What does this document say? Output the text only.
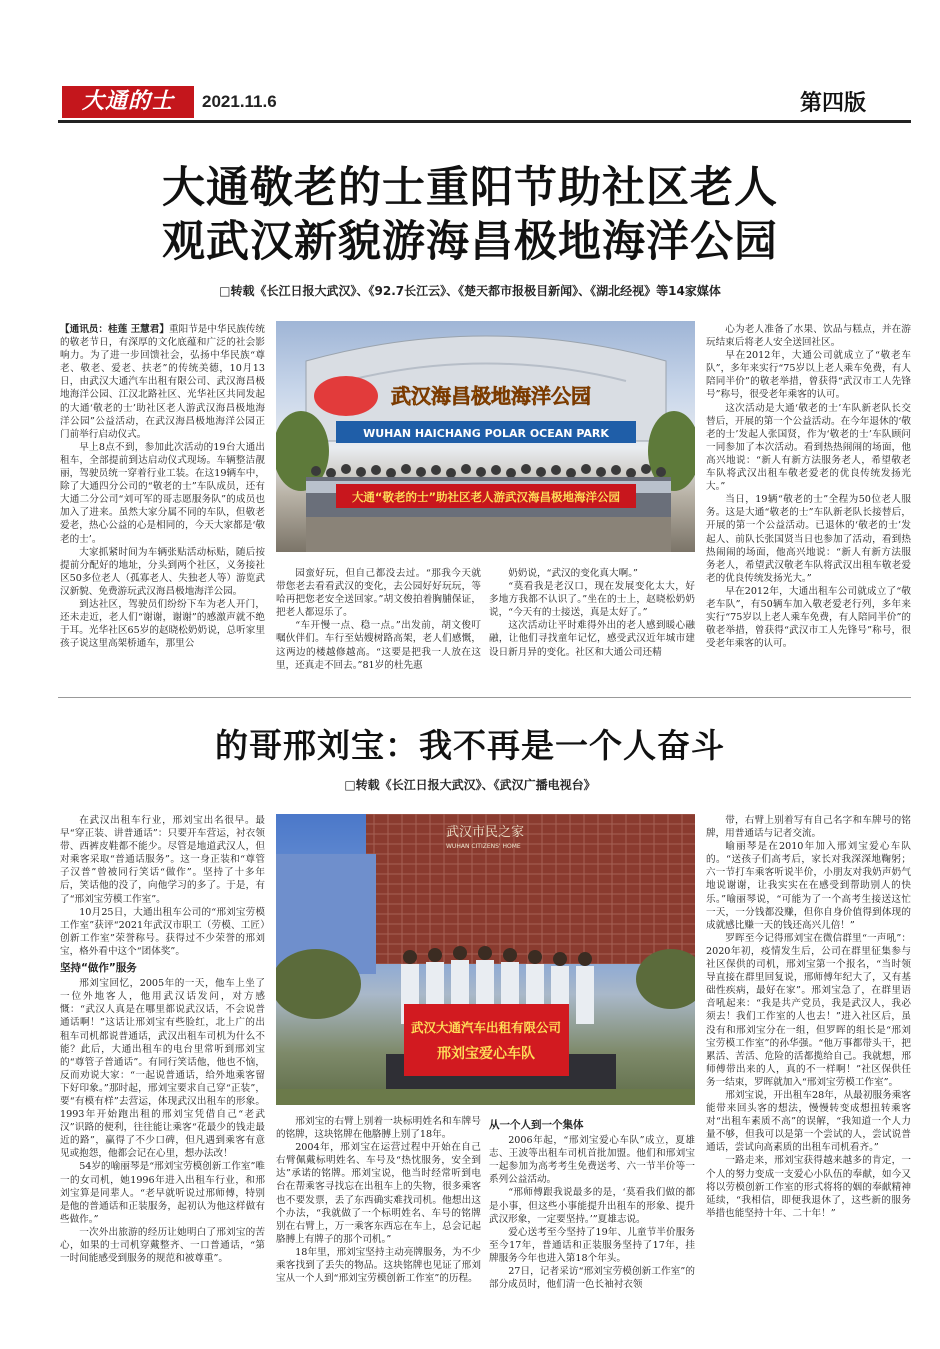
大通的士	2021.11.6	第四版
大通敬老的士重阳节助社区老人
观武汉新貌游海昌极地海洋公园
□转载《长江日报大武汉》、《92.7长江云》、《楚天都市报极目新闻》、《湖北经视》等14家媒体

【通讯员：桂莲 王慧君】重阳节是中华民族传统的敬老节日，有深厚的文化底蕴和广泛的社会影响力。为了进一步回馈社会，弘扬中华民族“尊老、敬老、爱老、扶老”的传统美德，10月13日，由武汉大通汽车出租有限公司、武汉海昌极地海洋公园、江汉北路社区、光华社区共同发起的大通‘敬老的士’助社区老人游武汉海昌极地海洋公园”公益活动，在武汉海昌极地海洋公园正门前举行启动仪式。

早上8点不到，参加此次活动的19台大通出租车，全部提前到达启动仪式现场。车辆整洁靓丽，驾驶员统一穿着行业工装。在这19辆车中，除了大通四分公司的“敬老的士”车队成员，还有大通二分公司“刘可军的哥志愿服务队”的成员也加入了进来。虽然大家分属不同的车队，但敬老爱老，热心公益的心是相同的，今天大家都是‘敬老的士’。

大家抓紧时间为车辆张贴活动标贴，随后按提前分配好的地址，分头到两个社区，义务接社区50多位老人（孤寡老人、失独老人等）游览武汉新貌、免费游玩武汉海昌极地海洋公园。

到达社区，驾驶员们纷纷下车为老人开门，还未走近，老人们“谢谢，谢谢”的感激声就不绝于耳。光华社区65岁的赵晓松奶奶说，总听家里孩子说这里高架桥通车，那里公

WUHAN HAICHANG POLAR OCEAN PARK
武汉海昌极地海洋公园
大通“敬老的士”助社区老人游武汉海昌极地海洋公园

园蛮好玩，但自己都没去过。“那我今天就带您老去看看武汉的变化，去公园好好玩玩，等哈再把您老安全送回家。”胡文俊拍着胸脯保证，把老人都逗乐了。

“车开慢一点、稳一点。”出发前，胡文俊叮嘱伙伴们。车行至姑嫂树路高架，老人们感慨，这两边的楼越修越高。“这要是把我一人放在这里，还真走不回去。”81岁的杜先惠

奶奶说，“武汉的变化真大啊。”

“莫看我是老汉口，现在发展变化太大，好多地方我都不认识了。”坐在的士上，赵晓松奶奶说，“今天有的士接送，真是太好了。”

这次活动让平时难得外出的老人感到暖心融融，让他们寻找童年记忆，感受武汉近年城市建设日新月异的变化。社区和大通公司还精

心为老人准备了水果、饮品与糕点，并在游玩结束后将老人安全送回社区。

早在2012年，大通公司就成立了“敬老车队”，多年来实行“75岁以上老人乘车免费，有人陪同半价”的敬老举措，曾获得“武汉市工人先锋号”称号，很受老年乘客的认可。

这次活动是大通‘敬老的士’车队新老队长交替后，开展的第一个公益活动。在今年退休的‘敬老的士’发起人张国贤，作为‘敬老的士’车队顾问一同参加了本次活动。看到热热闹闹的场面，他高兴地说：“新人有新方法服务老人，希望敬老车队将武汉出租车敬老爱老的优良传统发扬光大。”

当日，19辆“敬老的士”全程为50位老人服务。这是大通“敬老的士”车队新老队长接替后，开展的第一个公益活动。已退休的‘敬老的士’发起人、前队长张国贤当日也参加了活动，看到热热闹闹的场面，他高兴地说：“新人有新方法服务老人，希望武汉敬老车队将武汉出租车敬老爱老的优良传统发扬光大。”

早在2012年，大通出租车公司就成立了“敬老车队”，有50辆车加入敬老爱老行列，多年来实行“75岁以上老人乘车免费，有人陪同半价”的敬老举措，曾获得“武汉市工人先锋号”称号，很受老年乘客的认可。

的哥邢刘宝：我不再是一个人奋斗
□转载《长江日报大武汉》、《武汉广播电视台》

在武汉出租车行业，邢刘宝出名很早。最早“穿正装、讲普通话”：只要开车营运，衬衣领带、西裤皮鞋都不能少。尽管是地道武汉人，但对乘客采取“普通话服务”。这一身正装和“尊管子汉普”曾被同行笑话“做作”。坚持了十多年后，笑话他的没了，向他学习的多了。于是，有了“邢刘宝劳模工作室”。

10月25日，大通出租车公司的“邢刘宝劳模工作室”获评“2021年武汉市职工（劳模、工匠）创新工作室”荣誉称号。获得过不少荣誉的邢刘宝，格外看中这个“团体奖”。

坚持“做作”服务

邢刘宝回忆，2005年的一天，他车上坐了一位外地客人，他用武汉话发问，对方感慨：“武汉人真是在哪里都说武汉话，不会说普通话啊！”这话让邢刘宝有些脸红，北上广的出租车司机都说普通话，武汉出租车司机为什么不能？此后，大通出租车的电台里常听到邢刘宝的“尊管子普通话”。有同行笑话他，他也不恼，反而劝说大家：“一起说普通话，给外地乘客留下好印象。”那时起，邢刘宝要求自己穿“正装”，要“有模有样”去营运，体现武汉出租车的形象。1993年开始跑出租的邢刘宝凭借自己“老武汉”识路的便利，往往能让乘客“花最少的钱走最近的路”，赢得了不少口碑，但凡遇到乘客有意见或抱怨，他都会记在心里，想办法改！

54岁的喻丽琴是“邢刘宝劳模创新工作室”唯一的女司机，她1996年进入出租车行业，和邢刘宝算是同辈人。“老早就听说过邢师傅，特别是他的普通话和正装服务，起初认为他这样做有些做作。”

一次外出旅游的经历让她明白了邢刘宝的苦心，如果的士司机穿戴整齐、一口普通话，“第一时间能感受到服务的规范和被尊重”。

武汉市民之家
WUHAN CITIZENS' HOME
武汉大通汽车出租有限公司
邢刘宝爱心车队

邢刘宝的右臂上别着一块标明姓名和车牌号的铭牌，这块铭牌在他胳膊上别了18年。

2004年，邢刘宝在运营过程中开始在自己右臂佩戴标明姓名、车号及“热忱服务，安全到达”承诺的铭牌。邢刘宝说，他当时经常听到电台在帮乘客寻找忘在出租车上的失物，很多乘客也不要发票，丢了东西确实难找司机。他想出这个办法，“我就做了一个标明姓名、车号的铭牌别在右臂上，万一乘客东西忘在车上，总会记起胳膊上有牌子的那个司机。”

18年里，邢刘宝坚持主动亮牌服务，为不少乘客找到了丢失的物品。这块铭牌也见证了邢刘宝从一个人到“邢刘宝劳模创新工作室”的历程。

从一个人到一个集体

2006年起，“邢刘宝爱心车队”成立，夏雄志、王波等出租车司机首批加盟。他们和邢刘宝一起参加为高考考生免费送考、六一节半价等一系列公益活动。

“邢师傅跟我说最多的是，‘莫看我们做的都是小事，但这些小事能提升出租车的形象、提升武汉形象，一定要坚持。’”夏雄志说。

爱心送考至今坚持了19年、儿童节半价服务至今17年，普通话和正装服务坚持了17年，挂牌服务今年也进入第18个年头。

27日，记者采访“邢刘宝劳模创新工作室”的部分成员时，他们清一色长袖衬衣领

带，右臂上别着写有自己名字和车牌号的铭牌，用普通话与记者交流。

喻丽琴是在2010年加入邢刘宝爱心车队的。“送孩子们高考后，家长对我深深地鞠躬；六一节打车乘客听说半价，小朋友对我奶声奶气地说谢谢，让我实实在在感受到帮助别人的快乐。”喻丽琴说，“可能为了一个高考生接送这忙一天，一分钱都没赚，但你自身价值得到体现的成就感比赚一天的钱还高兴儿倍！”

罗晖至今记得邢刘宝在微信群里“一声吼”：2020年初，疫情发生后，公司在群里征集参与社区保供的司机，邢刘宝第一个报名，“当时领导直接在群里回复说，邢师傅年纪大了，又有基础性疾病，最好在家”。邢刘宝急了，在群里语音吼起来：“我是共产党员，我是武汉人，我必须去！我们工作室的人也去！”进入社区后，虽没有和邢刘宝分在一组，但罗晖的组长是“邢刘宝劳模工作室”的孙华强。“他万事都带头干，把累活、苦活、危险的活都揽给自己。我就想，邢师傅带出来的人，真的不一样啊！”社区保供任务一结束，罗晖就加入“邢刘宝劳模工作室”。

邢刘宝说，开出租车28年，从最初服务乘客能带来回头客的想法，慢慢转变成想扭转乘客对“出租车素质不高”的误解，“我知道一个人力量不够，但我可以是第一个尝试的人，尝试说普通话，尝试向高素质的出租车司机看齐。”

一路走来，邢刘宝获得越来越多的肯定，一个人的努力变成一支爱心小队伍的奉献，如今又将以劳模创新工作室的形式将将的姻的奉献精神延续，“我相信，即便我退休了，这些新的服务举措也能坚持十年、二十年！”
